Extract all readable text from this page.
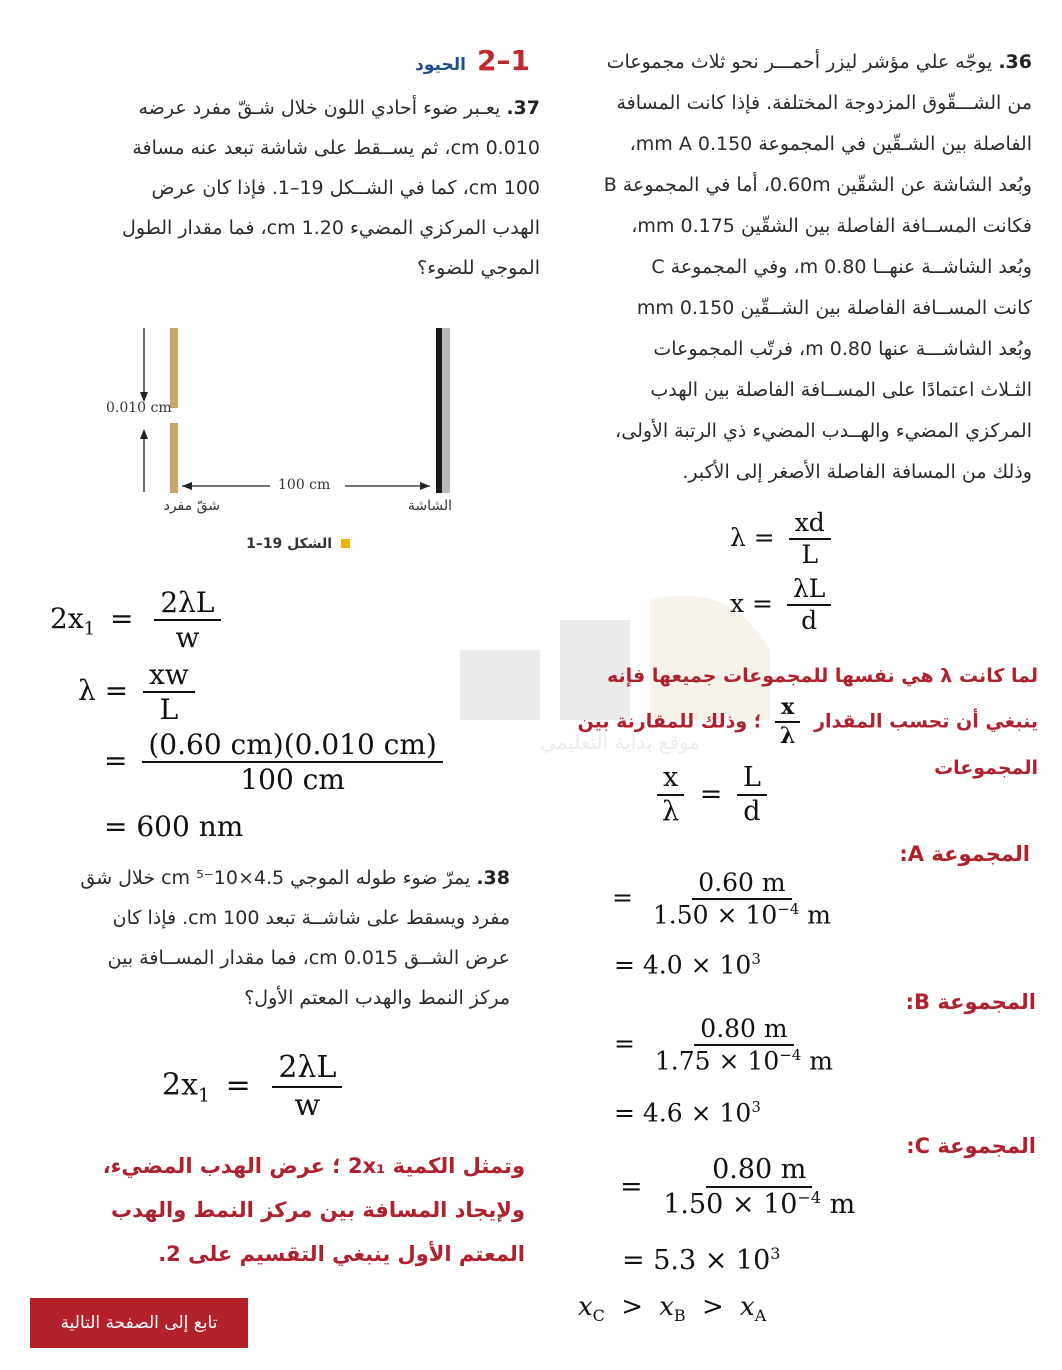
موقع بداية التعليمي
1–2 الحيود
37. يعـبر ضوء أحادي اللون خلال شـقّ مفرد عرضه
0.010 cm، ثم يســقط على شاشة تبعد عنه مسافة
100 cm، كما في الشــكل 19–1. فإذا كان عرض
الهدب المركزي المضيء 1.20 cm، فما مقدار الطول
الموجي للضوء؟
0.010 cm
100 cm
شقّ مفرد	الشاشة
الشكل 19–1
$2x_1 = \frac{2\lambda L}{w}$
$\lambda = \frac{xw}{L}$
= $\frac{(0.60 cm)(0.010 cm)}{100 cm}$
= 600 nm
38. يمرّ ضوء طوله الموجي 4.5×10⁻⁵ cm خلال شق
مفرد ويسقط على شاشــة تبعد 100 cm. فإذا كان
عرض الشــق 0.015 cm، فما مقدار المســافة بين
مركز النمط والهدب المعتم الأول؟
$2x_1 = \frac{2\lambda L}{w}$
وتمثل الكمية 2x₁ ؛ عرض الهدب المضيء،
ولإيجاد المسافة بين مركز النمط والهدب
المعتم الأول ينبغي التقسيم على 2.
تابع إلى الصفحة التالية
36. يوجّه علي مؤشر ليزر أحمـــر نحو ثلاث مجموعات
من الشـــقّوق المزدوجة المختلفة. فإذا كانت المسافة
الفاصلة بين الشـقّين في المجموعة 0.150 mm A،
وبُعد الشاشة عن الشقّين 0.60m، أما في المجموعة B
فكانت المســافة الفاصلة بين الشقّين 0.175 mm،
وبُعد الشاشــة عنهــا 0.80 m، وفي المجموعة C
كانت المســافة الفاصلة بين الشــقّين 0.150 mm
وبُعد الشاشـــة عنها 0.80 m، فرتّب المجموعات
الثـلاث اعتمادًا على المســافة الفاصلة بين الهدب
المركزي المضيء والهــدب المضيء ذي الرتبة الأولى،
وذلك من المسافة الفاصلة الأصغر إلى الأكبر.
$\lambda = \frac{xd}{L}$
$x = \frac{\lambda L}{d}$
لما كانت λ هي نفسها للمجموعات جميعها فإنه
ينبغي أن تحسب المقدار
$\frac{x}{\lambda}$
؛ وذلك للمقارنة بين
المجموعات
$\frac{x}{\lambda} = \frac{L}{d}$
المجموعة A:
= $\frac{0.60 m}{1.50 \times 10^{-4} m}$
= $4.0 \times 10^3$
المجموعة B:
= $\frac{0.80 m}{1.75 \times 10^{-4} m}$
= $4.6 \times 10^3$
المجموعة C:
= $\frac{0.80 m}{1.50 \times 10^{-4} m}$
= $5.3 \times 10^3$
$x_C > x_B > x_A$
